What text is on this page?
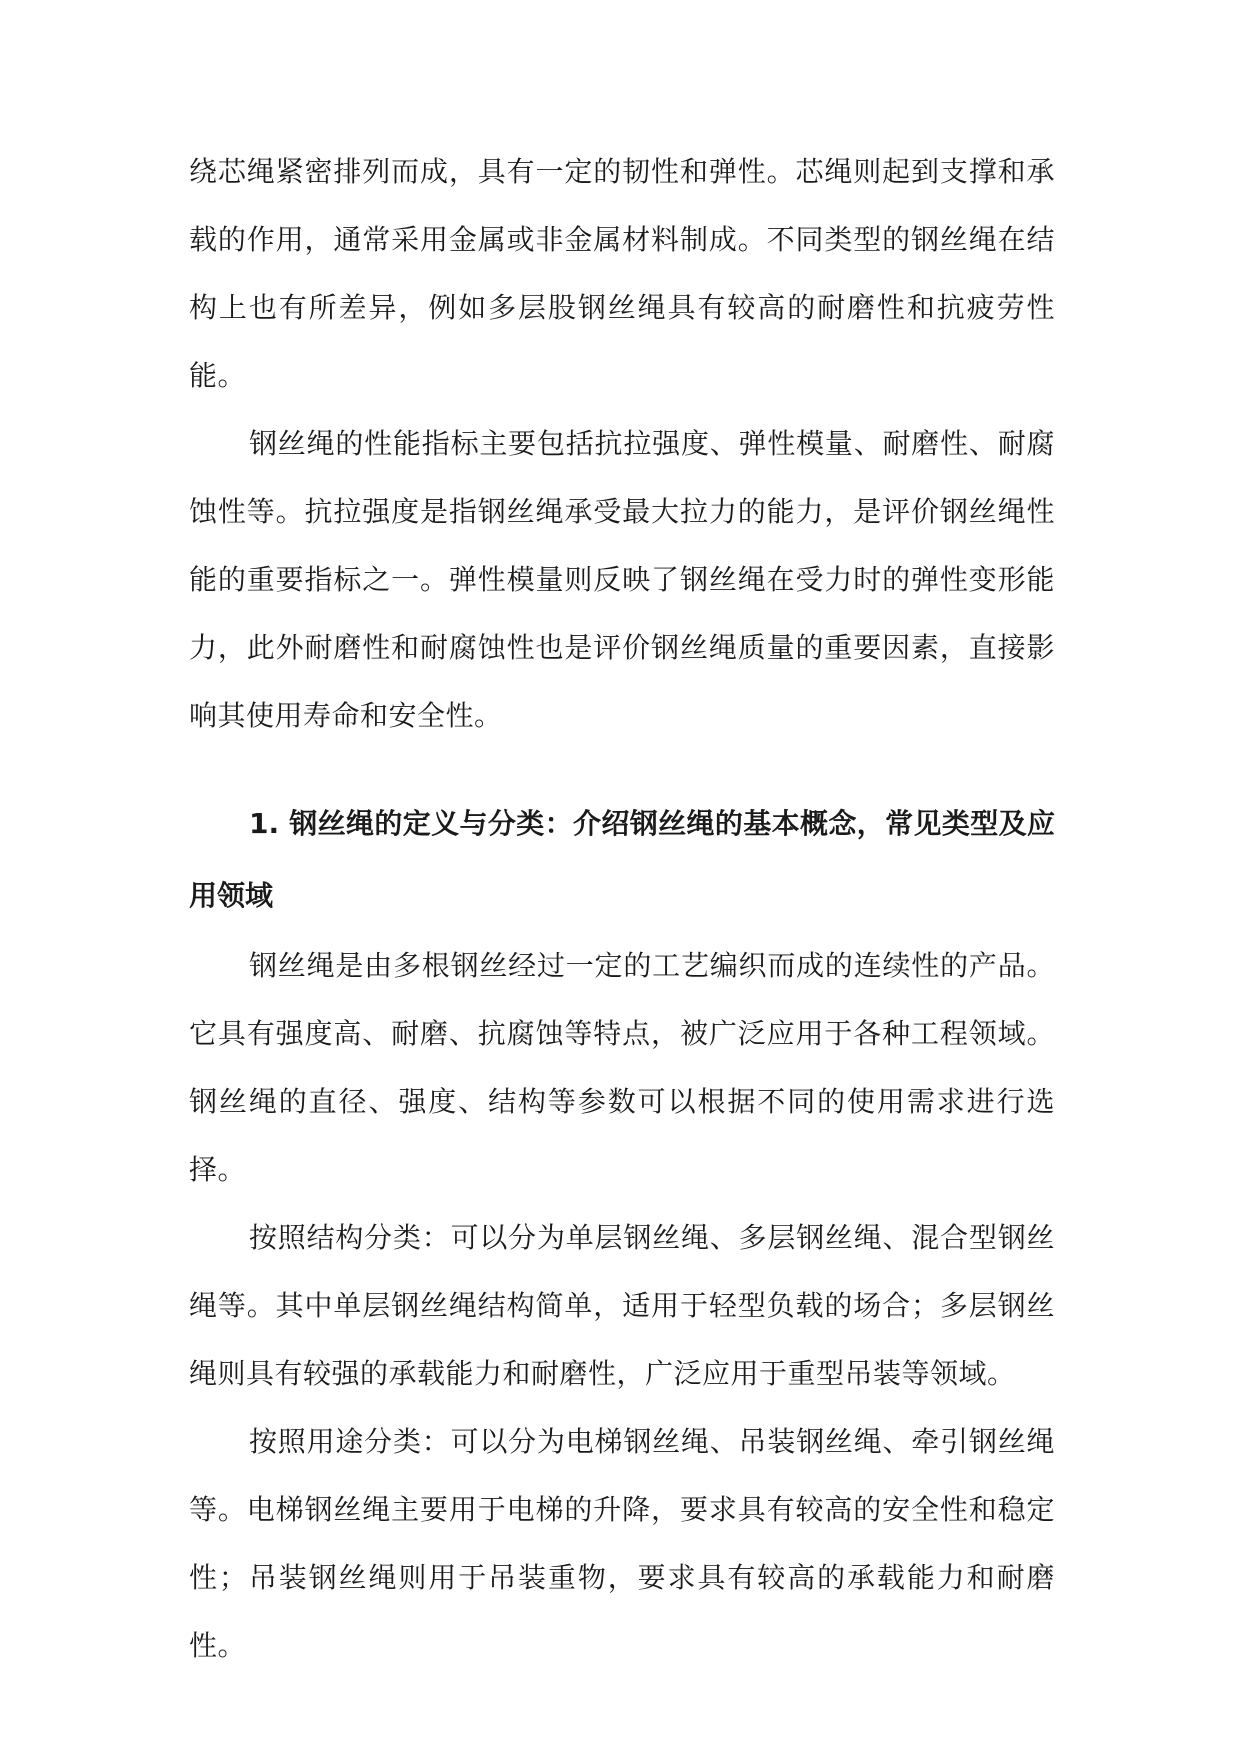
绕芯绳紧密排列而成，具有一定的韧性和弹性。芯绳则起到支撑和承载的作用，通常采用金属或非金属材料制成。不同类型的钢丝绳在结构上也有所差异，例如多层股钢丝绳具有较高的耐磨性和抗疲劳性能。

钢丝绳的性能指标主要包括抗拉强度、弹性模量、耐磨性、耐腐蚀性等。抗拉强度是指钢丝绳承受最大拉力的能力，是评价钢丝绳性能的重要指标之一。弹性模量则反映了钢丝绳在受力时的弹性变形能力，此外耐磨性和耐腐蚀性也是评价钢丝绳质量的重要因素，直接影响其使用寿命和安全性。

1. 钢丝绳的定义与分类：介绍钢丝绳的基本概念，常见类型及应用领域

钢丝绳是由多根钢丝经过一定的工艺编织而成的连续性的产品。它具有强度高、耐磨、抗腐蚀等特点，被广泛应用于各种工程领域。钢丝绳的直径、强度、结构等参数可以根据不同的使用需求进行选择。

按照结构分类：可以分为单层钢丝绳、多层钢丝绳、混合型钢丝绳等。其中单层钢丝绳结构简单，适用于轻型负载的场合；多层钢丝绳则具有较强的承载能力和耐磨性，广泛应用于重型吊装等领域。

按照用途分类：可以分为电梯钢丝绳、吊装钢丝绳、牵引钢丝绳等。电梯钢丝绳主要用于电梯的升降，要求具有较高的安全性和稳定性；吊装钢丝绳则用于吊装重物，要求具有较高的承载能力和耐磨性。
